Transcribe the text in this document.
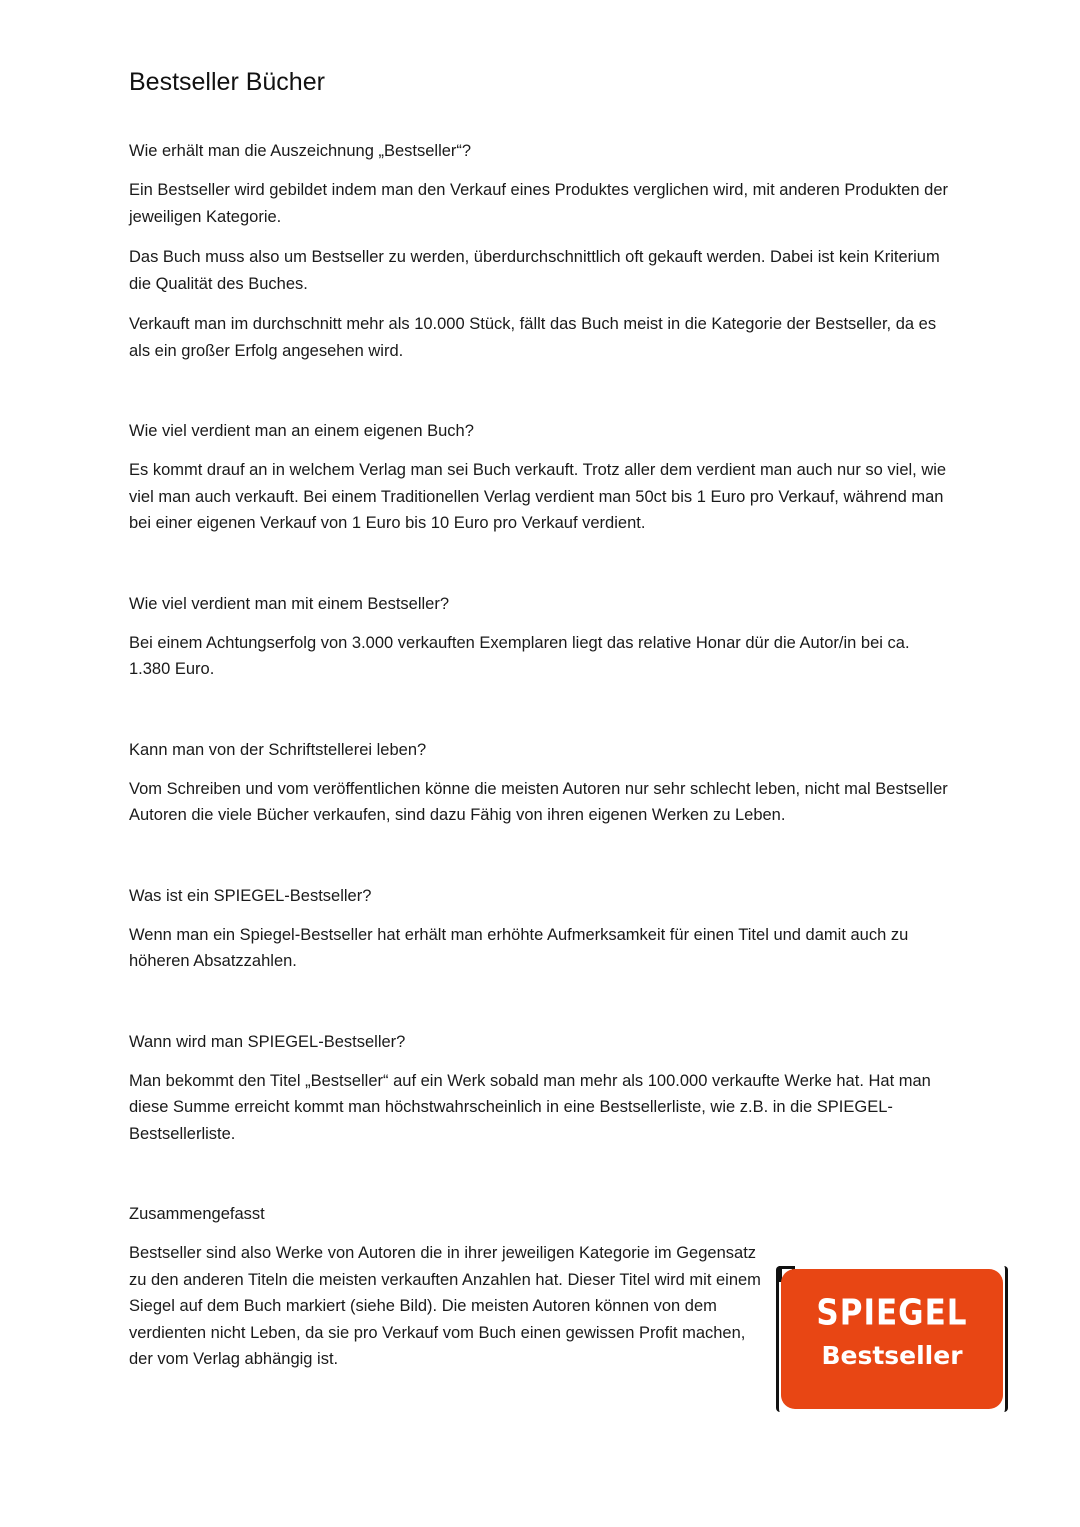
Bestseller Bücher

Wie erhält man die Auszeichnung „Bestseller“?

Ein Bestseller wird gebildet indem man den Verkauf eines Produktes verglichen wird, mit anderen Produkten der jeweiligen Kategorie.

Das Buch muss also um Bestseller zu werden, überdurchschnittlich oft gekauft werden. Dabei ist kein Kriterium die Qualität des Buches.

Verkauft man im durchschnitt mehr als 10.000 Stück, fällt das Buch meist in die Kategorie der Bestseller, da es als ein großer Erfolg angesehen wird.

Wie viel verdient man an einem eigenen Buch?

Es kommt drauf an in welchem Verlag man sei Buch verkauft. Trotz aller dem verdient man auch nur so viel, wie viel man auch verkauft. Bei einem Traditionellen Verlag verdient man 50ct bis 1 Euro pro Verkauf, während man bei einer eigenen Verkauf von 1 Euro bis 10 Euro pro Verkauf verdient.

Wie viel verdient man mit einem Bestseller?

Bei einem Achtungserfolg von 3.000 verkauften Exemplaren liegt das relative Honar dür die Autor/in bei ca. 1.380 Euro.

Kann man von der Schriftstellerei leben?

Vom Schreiben und vom veröffentlichen könne die meisten Autoren nur sehr schlecht leben, nicht mal Bestseller Autoren die viele Bücher verkaufen, sind dazu Fähig von ihren eigenen Werken zu Leben.

Was ist ein SPIEGEL-Bestseller?

Wenn man ein Spiegel-Bestseller hat erhält man erhöhte Aufmerksamkeit für einen Titel und damit auch zu höheren Absatzzahlen.

Wann wird man SPIEGEL-Bestseller?

Man bekommt den Titel „Bestseller“ auf ein Werk sobald man mehr als 100.000 verkaufte Werke hat. Hat man diese Summe erreicht kommt man höchstwahrscheinlich in eine Bestsellerliste, wie z.B. in die SPIEGEL-Bestsellerliste.

Zusammengefasst

Bestseller sind also Werke von Autoren die in ihrer jeweiligen Kategorie im Gegensatz zu den anderen Titeln die meisten verkauften Anzahlen hat. Dieser Titel wird mit einem Siegel auf dem Buch markiert (siehe Bild). Die meisten Autoren können von dem verdienten nicht Leben, da sie pro Verkauf vom Buch einen gewissen Profit machen, der vom Verlag abhängig ist.

SPIEGEL
Bestseller
